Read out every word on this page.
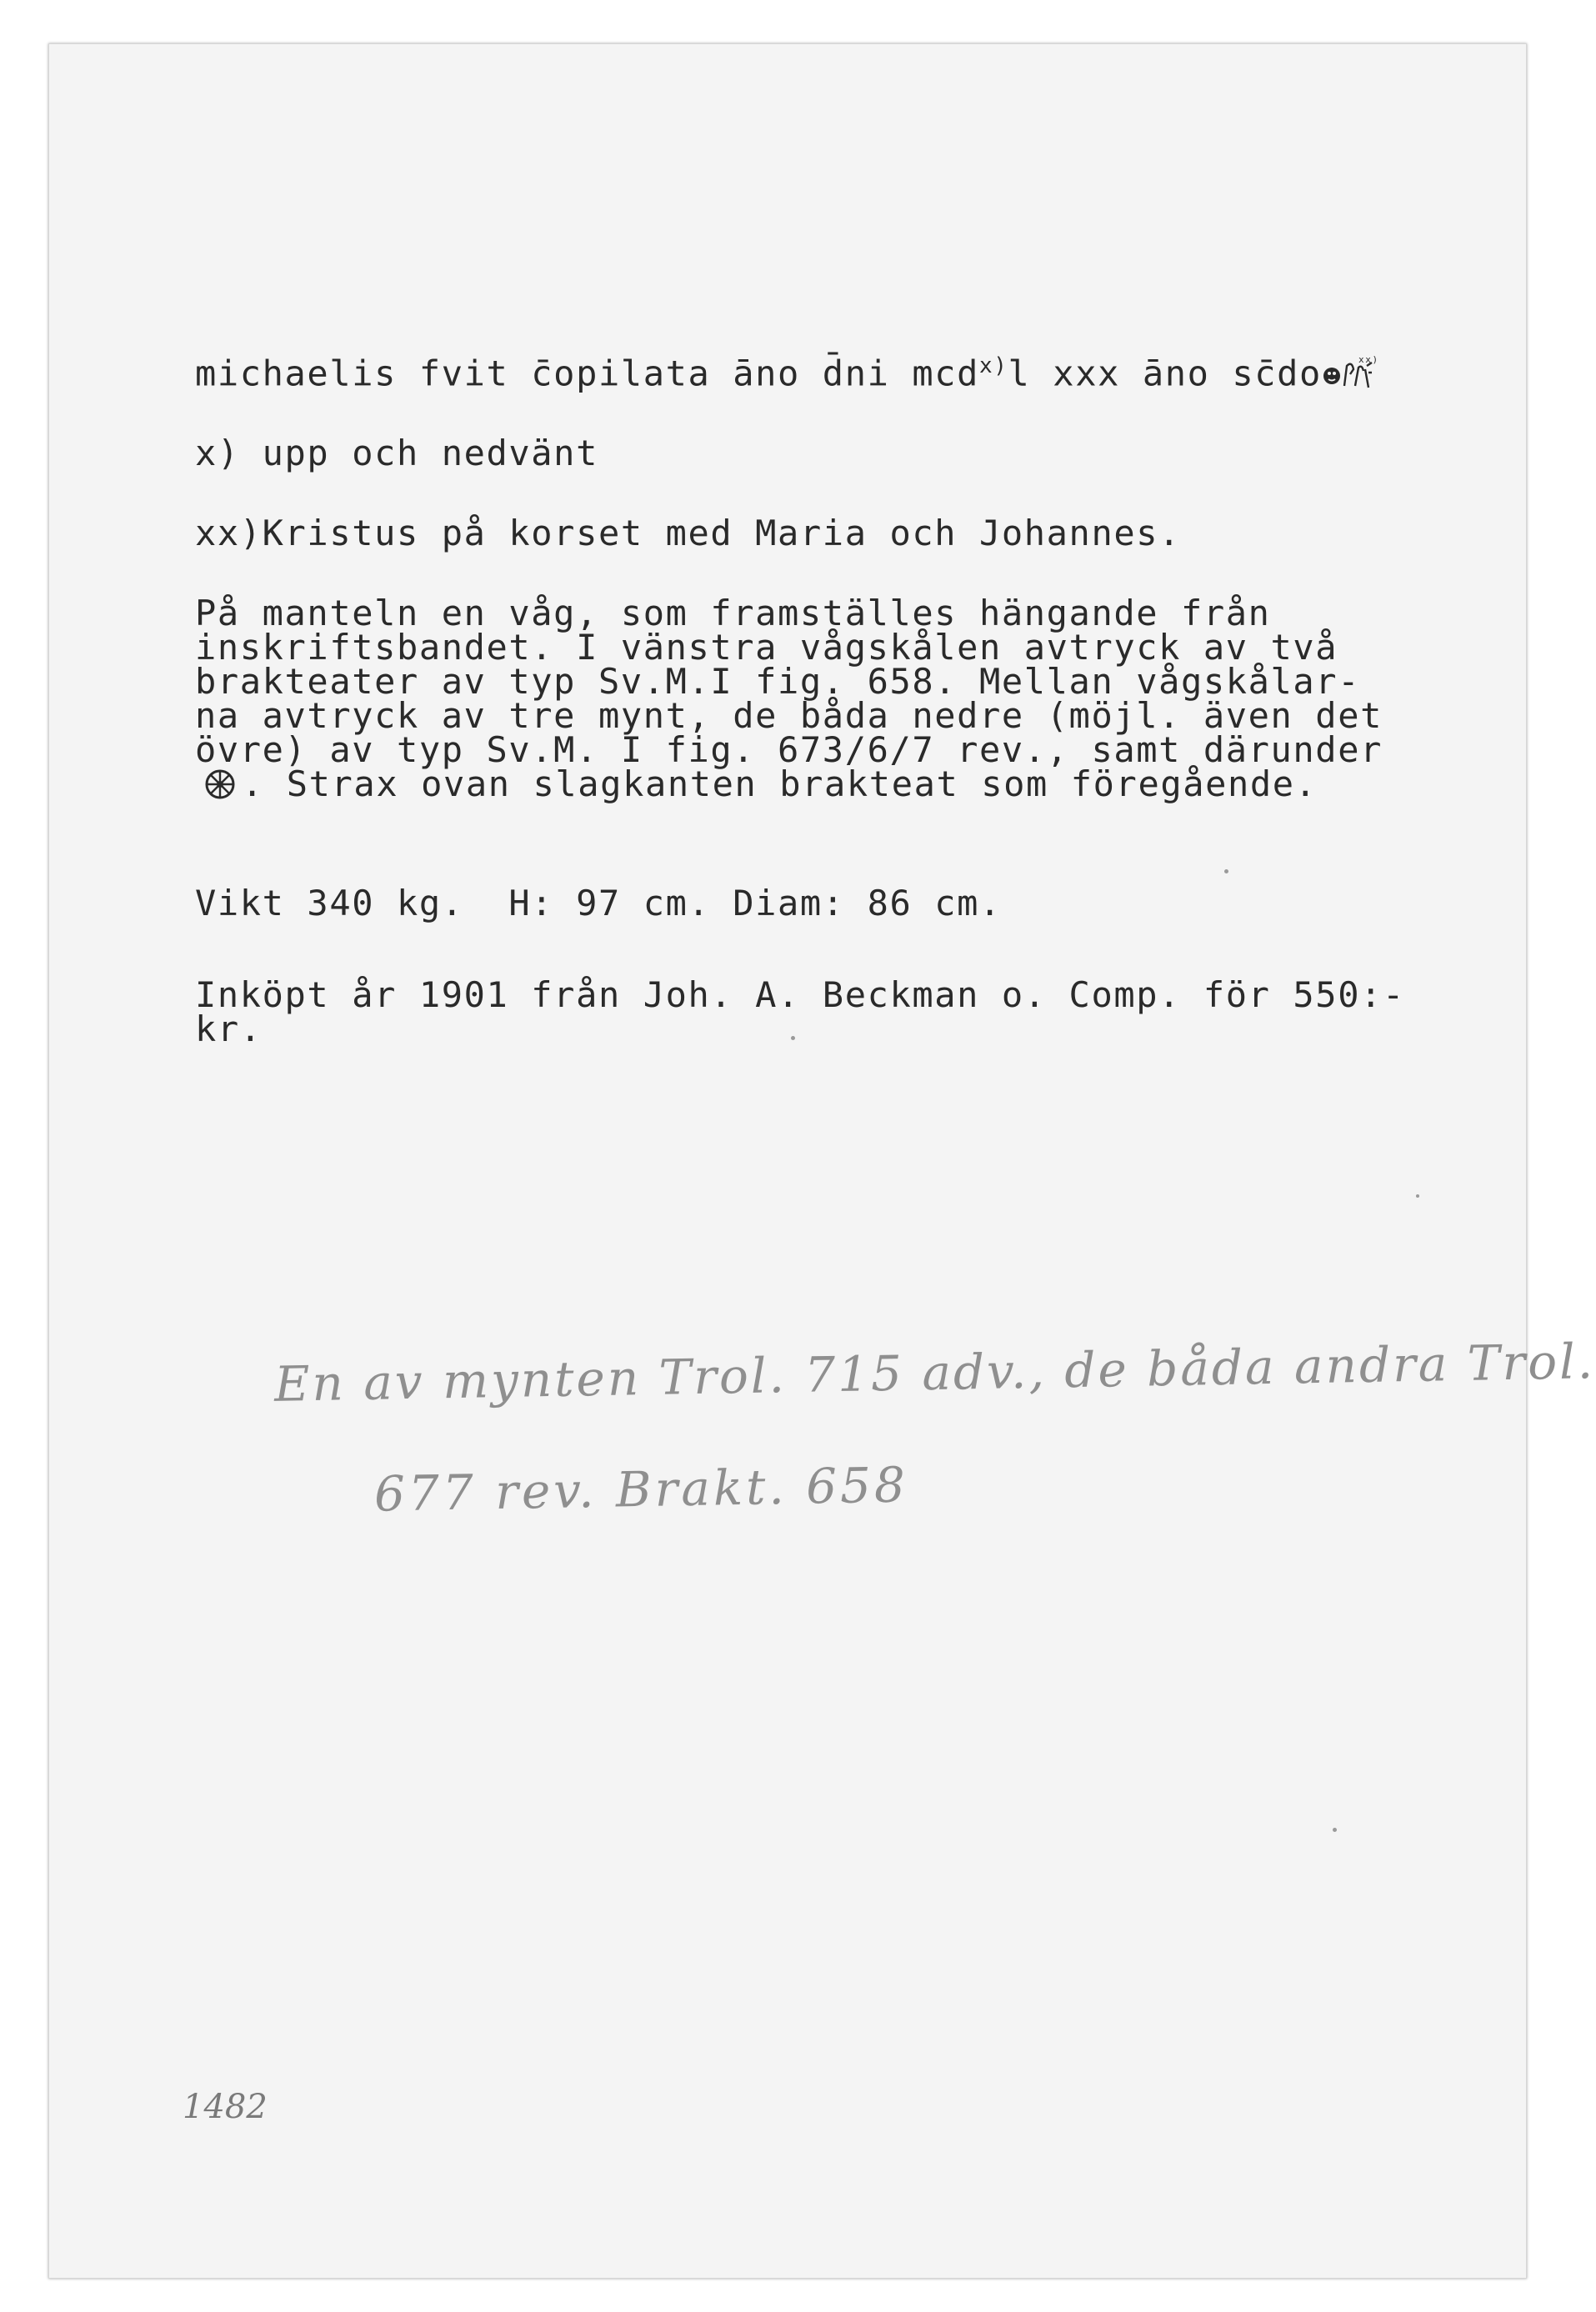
michaelis fvit c̄opilata āno d̄ni mcd$^{x)}$l xxx āno sc̄do	xx)
x) upp och nedvänt
xx)Kristus på korset med Maria och Johannes.
På manteln en våg, som framställes hängande från
inskriftsbandet. I vänstra vågskålen avtryck av två
brakteater av typ Sv.M.I fig. 658. Mellan vågskålar-
na avtryck av tre mynt, de båda nedre (möjl. även det
övre) av typ Sv.M. I fig. 673/6/7 rev., samt därunder
. Strax ovan slagkanten brakteat som föregående.
Vikt 340 kg.  H: 97 cm. Diam: 86 cm.
Inköpt år 1901 från Joh. A. Beckman o. Comp. för 550:-
kr.
En av mynten Trol. 715 adv., de båda andra Trol.
677 rev. Brakt. 658
1482
